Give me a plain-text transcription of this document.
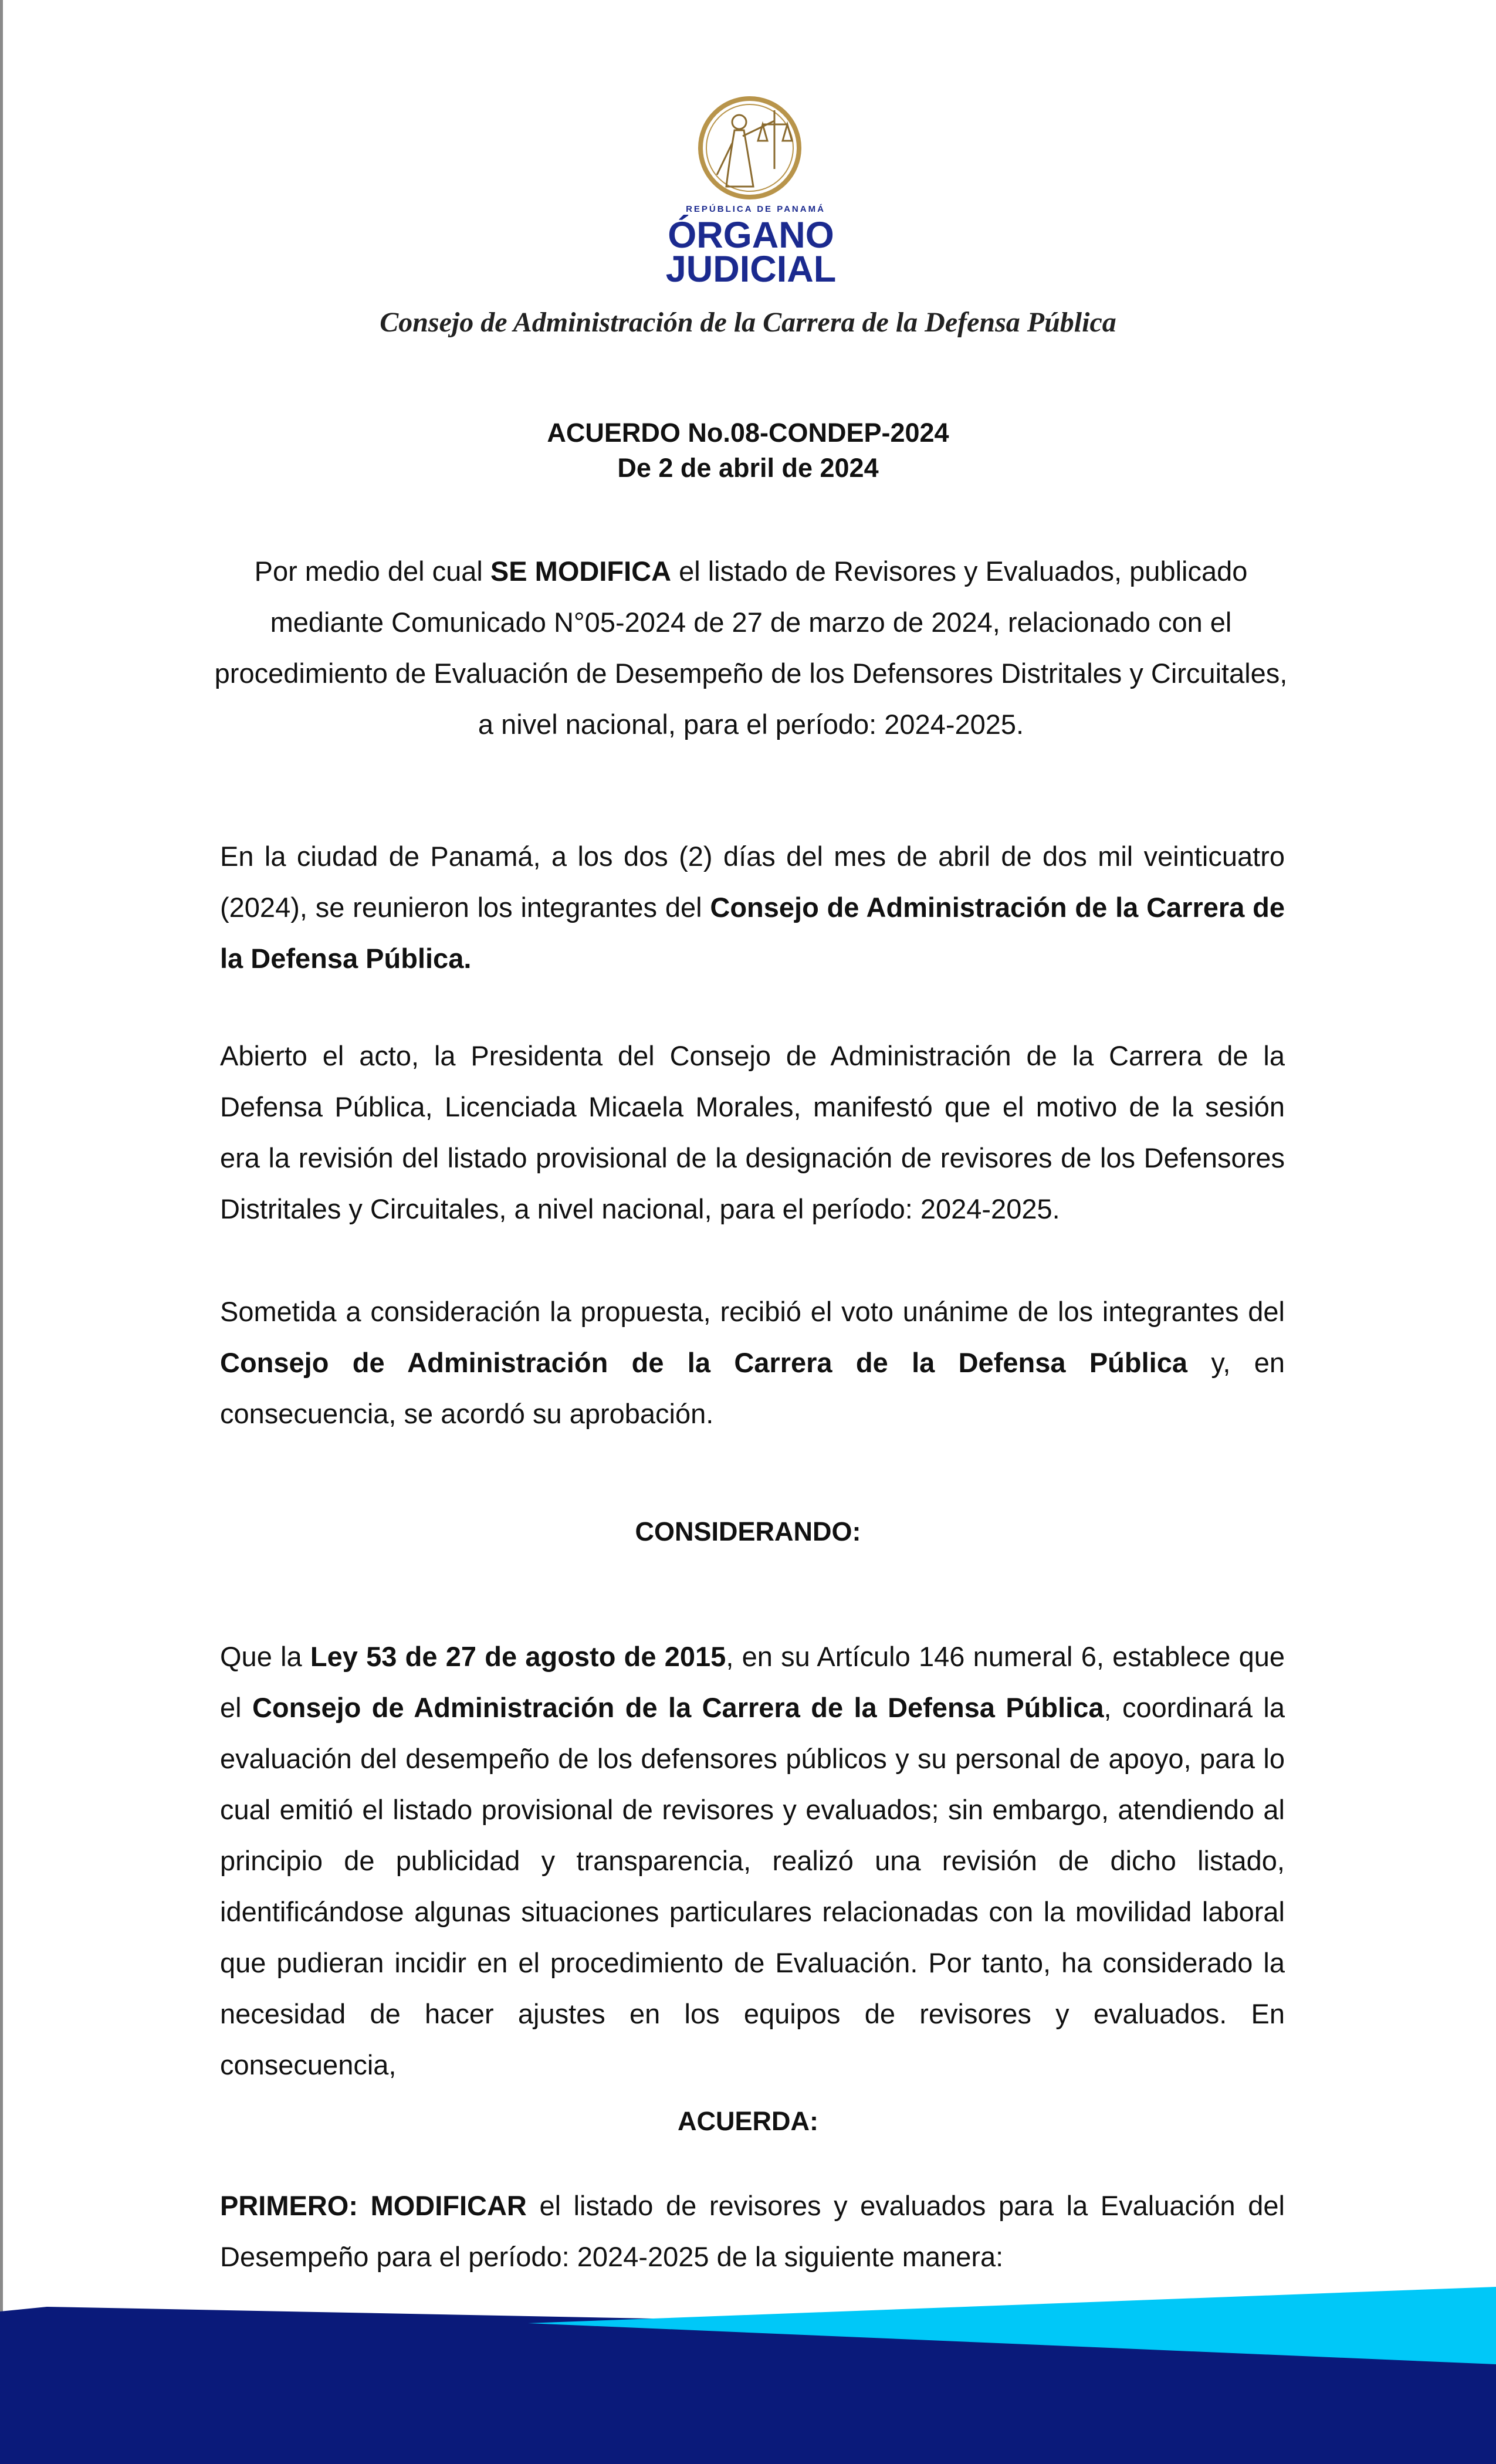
REPÚBLICA DE PANAMÁ
ÓRGANO
JUDICIAL
Consejo de Administración de la Carrera de la Defensa Pública
ACUERDO No.08-CONDEP-2024
De 2 de abril de 2024
Por medio del cual SE MODIFICA el listado de Revisores y Evaluados, publicado mediante Comunicado N°05-2024 de 27 de marzo de 2024, relacionado con el procedimiento de Evaluación de Desempeño de los Defensores Distritales y Circuitales, a nivel nacional, para el período: 2024-2025.
En la ciudad de Panamá, a los dos (2) días del mes de abril de dos mil veinticuatro (2024), se reunieron los integrantes del Consejo de Administración de la Carrera de la Defensa Pública.
Abierto el acto, la Presidenta del Consejo de Administración de la Carrera de la Defensa Pública, Licenciada Micaela Morales, manifestó que el motivo de la sesión era la revisión del listado provisional de la designación de revisores de los Defensores Distritales y Circuitales, a nivel nacional, para el período: 2024-2025.
Sometida a consideración la propuesta, recibió el voto unánime de los integrantes del Consejo de Administración de la Carrera de la Defensa Pública y, en consecuencia, se acordó su aprobación.
CONSIDERANDO:
Que la Ley 53 de 27 de agosto de 2015, en su Artículo 146 numeral 6, establece que el Consejo de Administración de la Carrera de la Defensa Pública, coordinará la evaluación del desempeño de los defensores públicos y su personal de apoyo, para lo cual emitió el listado provisional de revisores y evaluados; sin embargo, atendiendo al principio de publicidad y transparencia, realizó una revisión de dicho listado, identificándose algunas situaciones particulares relacionadas con la movilidad laboral que pudieran incidir en el procedimiento de Evaluación. Por tanto, ha considerado la necesidad de hacer ajustes en los equipos de revisores y evaluados. En consecuencia,
ACUERDA:
PRIMERO: MODIFICAR el listado de revisores y evaluados para la Evaluación del Desempeño para el período: 2024-2025 de la siguiente manera:
